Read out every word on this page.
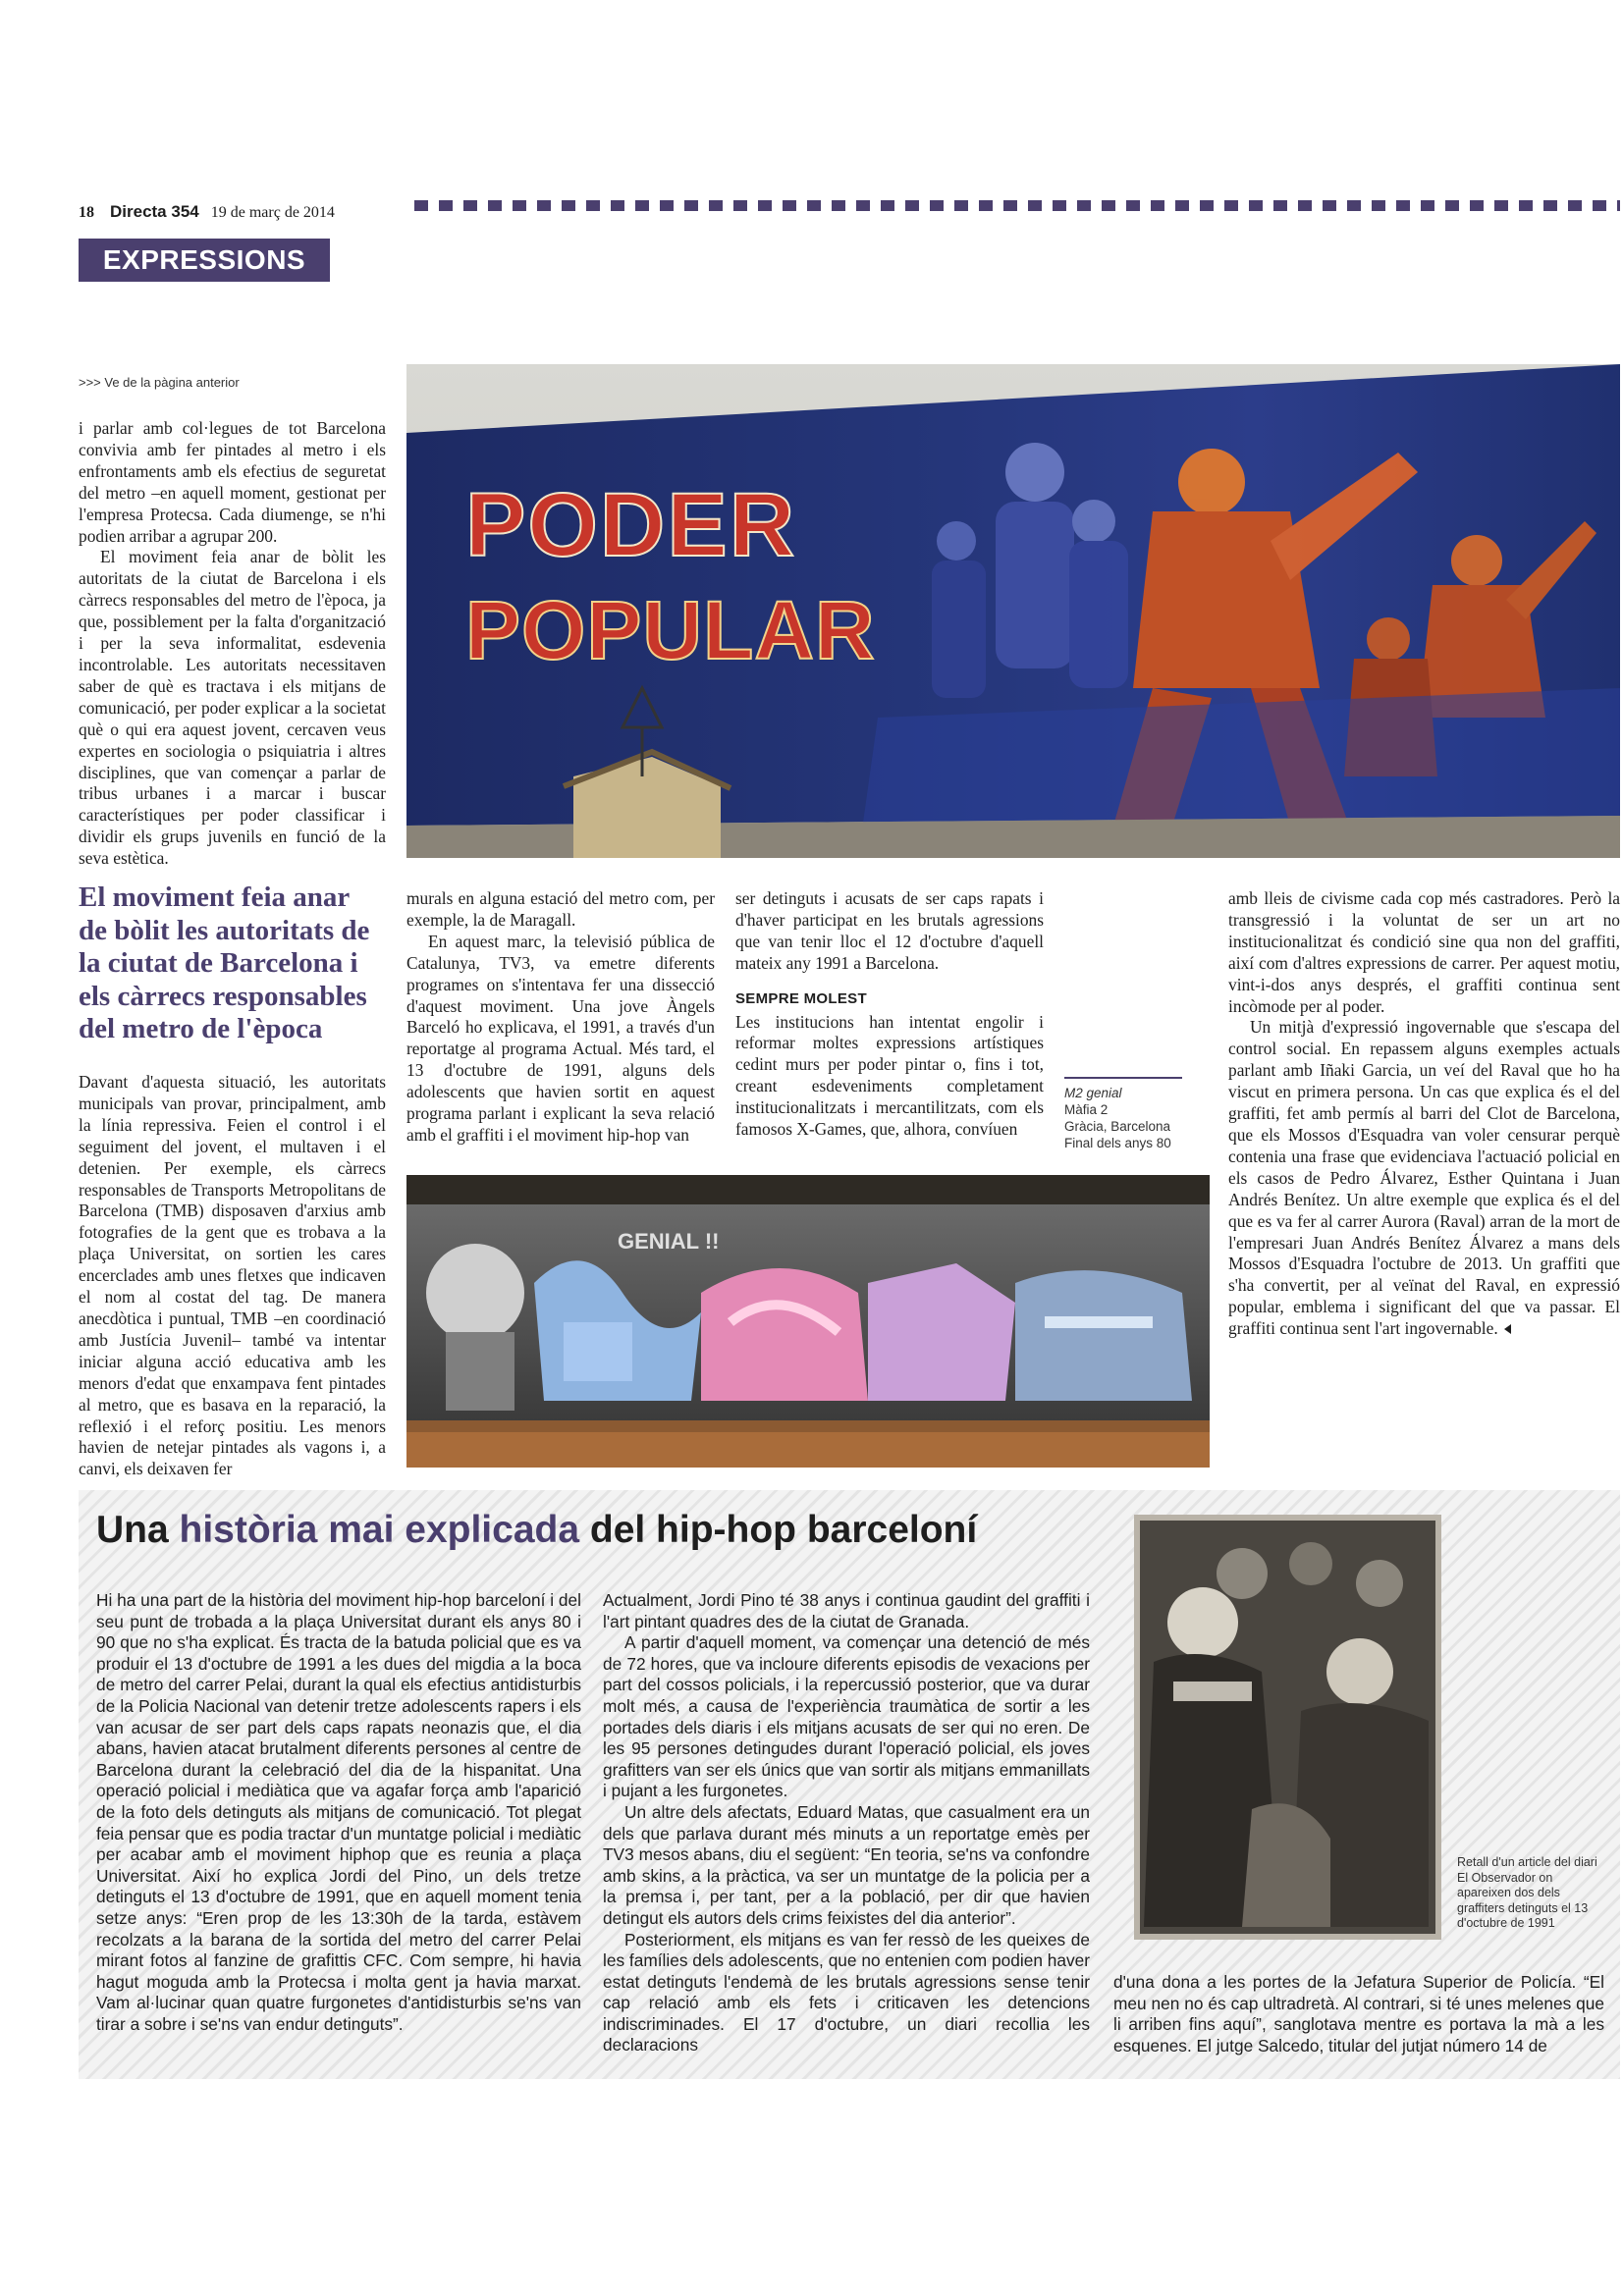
18 Directa 354 19 de març de 2014
EXPRESSIONS
>>> Ve de la pàgina anterior
PODER
POPULAR

i parlar amb col·legues de tot Barcelona convivia amb fer pintades al metro i els enfrontaments amb els efectius de seguretat del metro –en aquell moment, gestionat per l'empresa Protecsa. Cada diumenge, se n'hi podien arribar a agrupar 200.

El moviment feia anar de bòlit les autoritats de la ciutat de Barcelona i els càrrecs responsables del metro de l'època, ja que, possiblement per la falta d'organització i per la seva informalitat, esdevenia incontrolable. Les autoritats necessitaven saber de què es tractava i els mitjans de comunicació, per poder explicar a la societat què o qui era aquest jovent, cercaven veus expertes en sociologia o psiquiatria i altres disciplines, que van començar a parlar de tribus urbanes i a marcar i buscar característiques per poder classificar i dividir els grups juvenils en funció de la seva estètica.

El moviment feia anar de bòlit les autoritats de la ciutat de Barcelona i els càrrecs responsables del metro de l'època

Davant d'aquesta situació, les autoritats municipals van provar, principalment, amb la línia repressiva. Feien el control i el seguiment del jovent, el multaven i el detenien. Per exemple, els càrrecs responsables de Transports Metropolitans de Barcelona (TMB) disposaven d'arxius amb fotografies de la gent que es trobava a la plaça Universitat, on sortien les cares encerclades amb unes fletxes que indicaven el nom al costat del tag. De manera anecdòtica i puntual, TMB –en coordinació amb Justícia Juvenil– també va intentar iniciar alguna acció educativa amb les menors d'edat que enxampava fent pintades al metro, que es basava en la reparació, la reflexió i el reforç positiu. Les menors havien de netejar pintades als vagons i, a canvi, els deixaven fer

murals en alguna estació del metro com, per exemple, la de Maragall.

En aquest marc, la televisió pública de Catalunya, TV3, va emetre diferents programes on s'intentava fer una dissecció d'aquest moviment. Una jove Àngels Barceló ho explicava, el 1991, a través d'un reportatge al programa Actual. Més tard, el 13 d'octubre de 1991, alguns dels adolescents que havien sortit en aquest programa parlant i explicant la seva relació amb el graffiti i el moviment hip-hop van

ser detinguts i acusats de ser caps rapats i d'haver participat en les brutals agressions que van tenir lloc el 12 d'octubre d'aquell mateix any 1991 a Barcelona.

SEMPRE MOLEST

Les institucions han intentat engolir i reformar moltes expressions artístiques cedint murs per poder pintar o, fins i tot, creant esdeveniments completament institucionalitzats i mercantilitzats, com els famosos X-Games, que, alhora, convíuen

M2 genial
Màfia 2
Gràcia, Barcelona
Final dels anys 80

amb lleis de civisme cada cop més castradores. Però la transgressió i la voluntat de ser un art no institucionalitzat és condició sine qua non del graffiti, així com d'altres expressions de carrer. Per aquest motiu, vint-i-dos anys després, el graffiti continua sent incòmode per al poder.

Un mitjà d'expressió ingovernable que s'escapa del control social. En repassem alguns exemples actuals parlant amb Iñaki Garcia, un veí del Raval que ho ha viscut en primera persona. Un cas que explica és el del graffiti, fet amb permís al barri del Clot de Barcelona, que els Mossos d'Esquadra van voler censurar perquè contenia una frase que evidenciava l'actuació policial en els casos de Pedro Álvarez, Esther Quintana i Juan Andrés Benítez. Un altre exemple que explica és el del que es va fer al carrer Aurora (Raval) arran de la mort de l'empresari Juan Andrés Benítez Álvarez a mans dels Mossos d'Esquadra l'octubre de 2013. Un graffiti que s'ha convertit, per al veïnat del Raval, en expressió popular, emblema i significant del que va passar. El graffiti continua sent l'art ingovernable.

GENIAL !!
Una història mai explicada del hip-hop barceloní

Hi ha una part de la història del moviment hip-hop barceloní i del seu punt de trobada a la plaça Universitat durant els anys 80 i 90 que no s'ha explicat. És tracta de la batuda policial que es va produir el 13 d'octubre de 1991 a les dues del migdia a la boca de metro del carrer Pelai, durant la qual els efectius antidisturbis de la Policia Nacional van detenir tretze adolescents rapers i els van acusar de ser part dels caps rapats neonazis que, el dia abans, havien atacat brutalment diferents persones al centre de Barcelona durant la celebració del dia de la hispanitat. Una operació policial i mediàtica que va agafar força amb l'aparició de la foto dels detinguts als mitjans de comunicació. Tot plegat feia pensar que es podia tractar d'un muntatge policial i mediàtic per acabar amb el moviment hiphop que es reunia a plaça Universitat. Així ho explica Jordi del Pino, un dels tretze detinguts el 13 d'octubre de 1991, que en aquell moment tenia setze anys: “Eren prop de les 13:30h de la tarda, estàvem recolzats a la barana de la sortida del metro del carrer Pelai mirant fotos al fanzine de grafittis CFC. Com sempre, hi havia hagut moguda amb la Protecsa i molta gent ja havia marxat. Vam al·lucinar quan quatre furgonetes d'antidisturbis se'ns van tirar a sobre i se'ns van endur detinguts”.

Actualment, Jordi Pino té 38 anys i continua gaudint del graffiti i l'art pintant quadres des de la ciutat de Granada.

A partir d'aquell moment, va començar una detenció de més de 72 hores, que va incloure diferents episodis de vexacions per part del cossos policials, i la repercussió posterior, que va durar molt més, a causa de l'experiència traumàtica de sortir a les portades dels diaris i els mitjans acusats de ser qui no eren. De les 95 persones detingudes durant l'operació policial, els joves grafitters van ser els únics que van sortir als mitjans emmanillats i pujant a les furgonetes.

Un altre dels afectats, Eduard Matas, que casualment era un dels que parlava durant més minuts a un reportatge emès per TV3 mesos abans, diu el següent: “En teoria, se'ns va confondre amb skins, a la pràctica, va ser un muntatge de la policia per a la premsa i, per tant, per a la població, per dir que havien detingut els autors dels crims feixistes del dia anterior”.

Posteriorment, els mitjans es van fer ressò de les queixes de les famílies dels adolescents, que no entenien com podien haver estat detinguts l'endemà de les brutals agressions sense tenir cap relació amb els fets i criticaven les detencions indiscriminades. El 17 d'octubre, un diari recollia les declaracions

Retall d'un article del diari El Observador on apareixen dos dels graffiters detinguts el 13 d'octubre de 1991

d'una dona a les portes de la Jefatura Superior de Policía. “El meu nen no és cap ultradretà. Al contrari, si té unes melenes que li arriben fins aquí”, sanglotava mentre es portava la mà a les esquenes. El jutge Salcedo, titular del jutjat número 14 de
